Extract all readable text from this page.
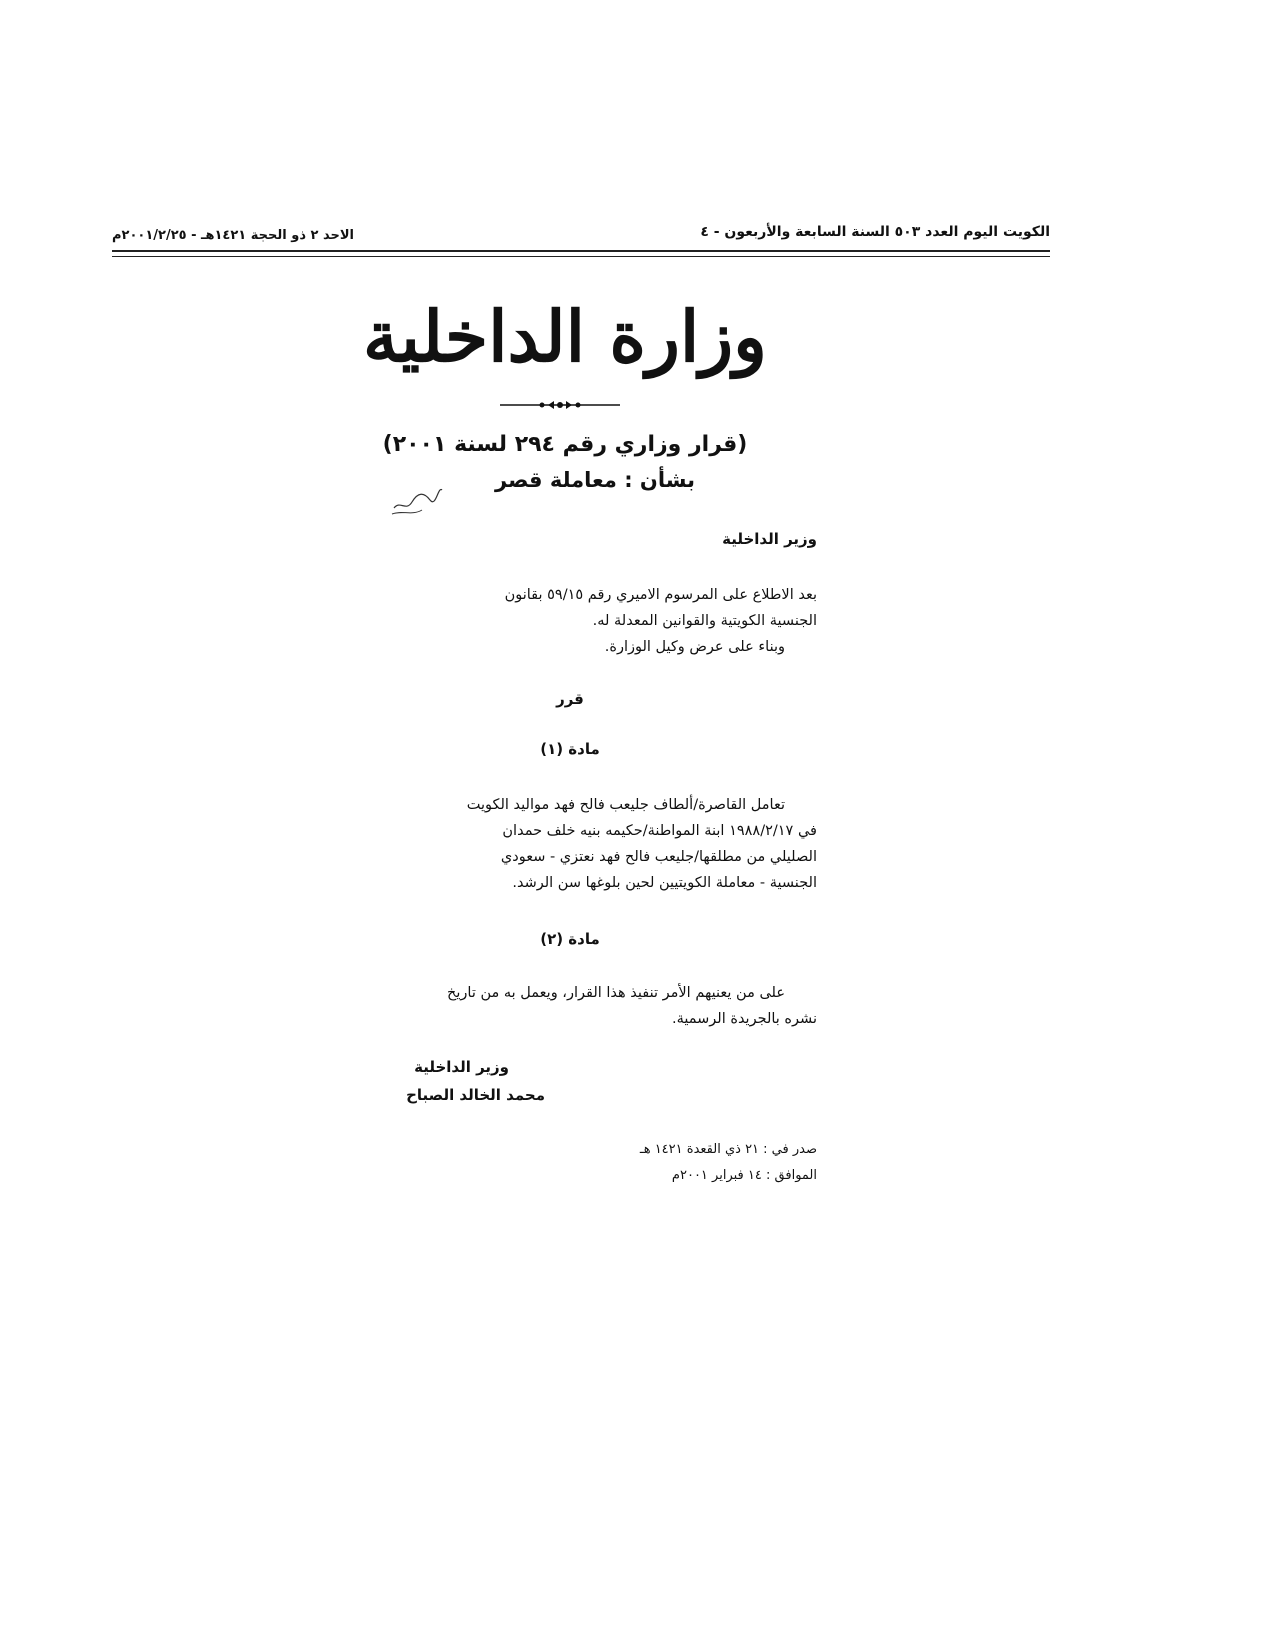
الكويت اليوم العدد ٥٠٣ السنة السابعة والأربعون - ٤
الاحد ٢ ذو الحجة ١٤٢١هـ - ٢٠٠١/٢/٢٥م
وزارة الداخلية
(قرار وزاري رقم ٢٩٤ لسنة ٢٠٠١)
بشأن : معاملة قصر
وزير الداخلية
بعد الاطلاع على المرسوم الاميري رقم ٥٩/١٥ بقانون
الجنسية الكويتية والقوانين المعدلة له.
وبناء على عرض وكيل الوزارة.
قرر
مادة (١)
تعامل القاصرة/ألطاف جليعب فالح فهد مواليد الكويت
في ١٩٨٨/٢/١٧ ابنة المواطنة/حكيمه بنيه خلف حمدان
الصليلي من مطلقها/جليعب فالح فهد نعتزي - سعودي
الجنسية - معاملة الكويتيين لحين بلوغها سن الرشد.
مادة (٢)
على من يعنيهم الأمر تنفيذ هذا القرار، ويعمل به من تاريخ
نشره بالجريدة الرسمية.
وزير الداخلية
محمد الخالد الصباح
صدر في : ٢١ ذي القعدة ١٤٢١ هـ
الموافق : ١٤ فبراير ٢٠٠١م
